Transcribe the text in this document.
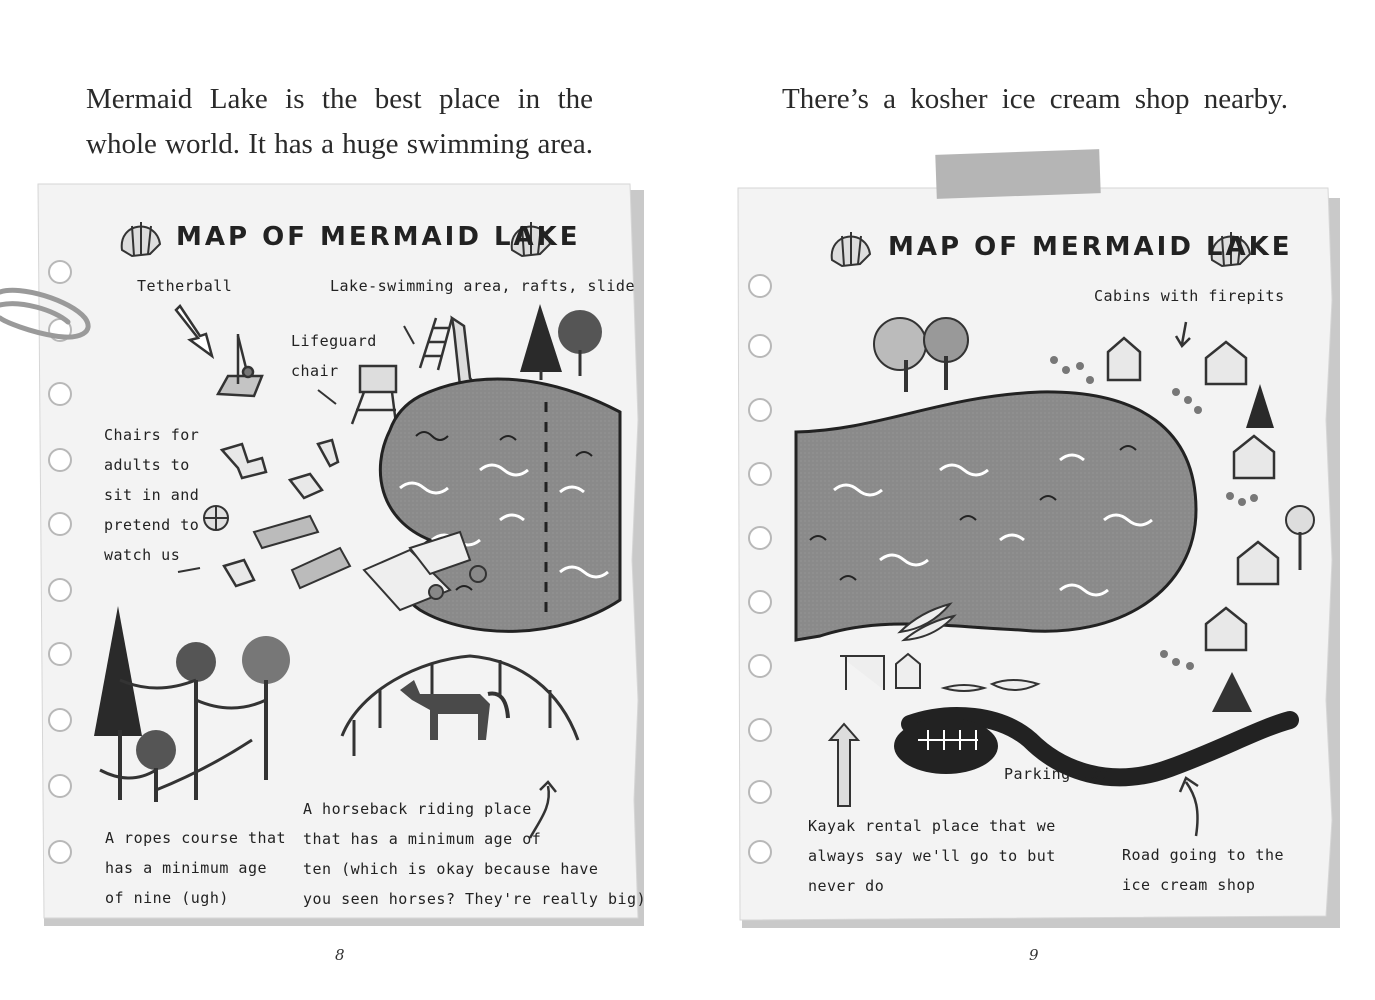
Mermaid Lake is the best place in the whole world. It has a huge swimming area.
There’s a kosher ice cream shop nearby.
MAP OF MERMAID LAKE
Tetherball	Lake-swimming area, rafts, slide
Lifeguard
chair
Chairs for
adults to
sit in and
pretend to
watch us
A ropes course that
has a minimum age
of nine (ugh)
A horseback riding place
that has a minimum age of
ten (which is okay because have
you seen horses? They're really big)
8
MAP OF MERMAID LAKE
Cabins with firepits
Parking lot
Kayak rental place that we
always say we'll go to but
never do
Road going to the
ice cream shop
9
